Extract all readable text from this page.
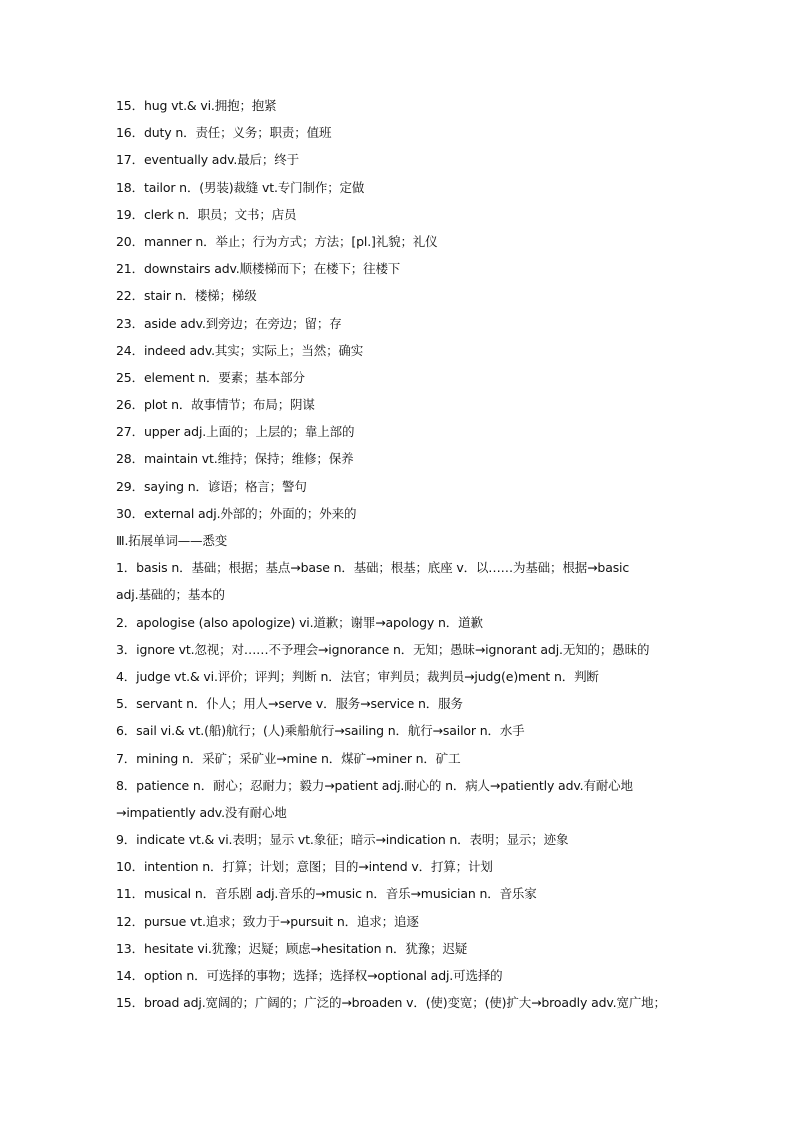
15．hug vt.& vi.拥抱；抱紧
16．duty n．责任；义务；职责；值班
17．eventually adv.最后；终于
18．tailor n．(男装)裁缝 vt.专门制作；定做
19．clerk n．职员；文书；店员
20．manner n．举止；行为方式；方法；[pl.]礼貌；礼仪
21．downstairs adv.顺楼梯而下；在楼下；往楼下
22．stair n．楼梯；梯级
23．aside adv.到旁边；在旁边；留；存
24．indeed adv.其实；实际上；当然；确实
25．element n．要素；基本部分
26．plot n．故事情节；布局；阴谋
27．upper adj.上面的；上层的；靠上部的
28．maintain vt.维持；保持；维修；保养
29．saying n．谚语；格言；警句
30．external adj.外部的；外面的；外来的
Ⅲ.拓展单词——悉变
1．basis n．基础；根据；基点→base n．基础；根基；底座 v．以……为基础；根据→basic
adj.基础的；基本的
2．apologise (also apologize) vi.道歉；谢罪→apology n．道歉
3．ignore vt.忽视；对……不予理会→ignorance n．无知；愚昧→ignorant adj.无知的；愚昧的
4．judge vt.& vi.评价；评判；判断 n．法官；审判员；裁判员→judg(e)ment n．判断
5．servant n．仆人；用人→serve v．服务→service n．服务
6．sail vi.& vt.(船)航行；(人)乘船航行→sailing n．航行→sailor n．水手
7．mining n．采矿；采矿业→mine n．煤矿→miner n．矿工
8．patience n．耐心；忍耐力；毅力→patient adj.耐心的 n．病人→patiently adv.有耐心地
→impatiently adv.没有耐心地
9．indicate vt.& vi.表明；显示 vt.象征；暗示→indication n．表明；显示；迹象
10．intention n．打算；计划；意图；目的→intend v．打算；计划
11．musical n．音乐剧 adj.音乐的→music n．音乐→musician n．音乐家
12．pursue vt.追求；致力于→pursuit n．追求；追逐
13．hesitate vi.犹豫；迟疑；顾虑→hesitation n．犹豫；迟疑
14．option n．可选择的事物；选择；选择权→optional adj.可选择的
15．broad adj.宽阔的；广阔的；广泛的→broaden v．(使)变宽；(使)扩大→broadly adv.宽广地；
